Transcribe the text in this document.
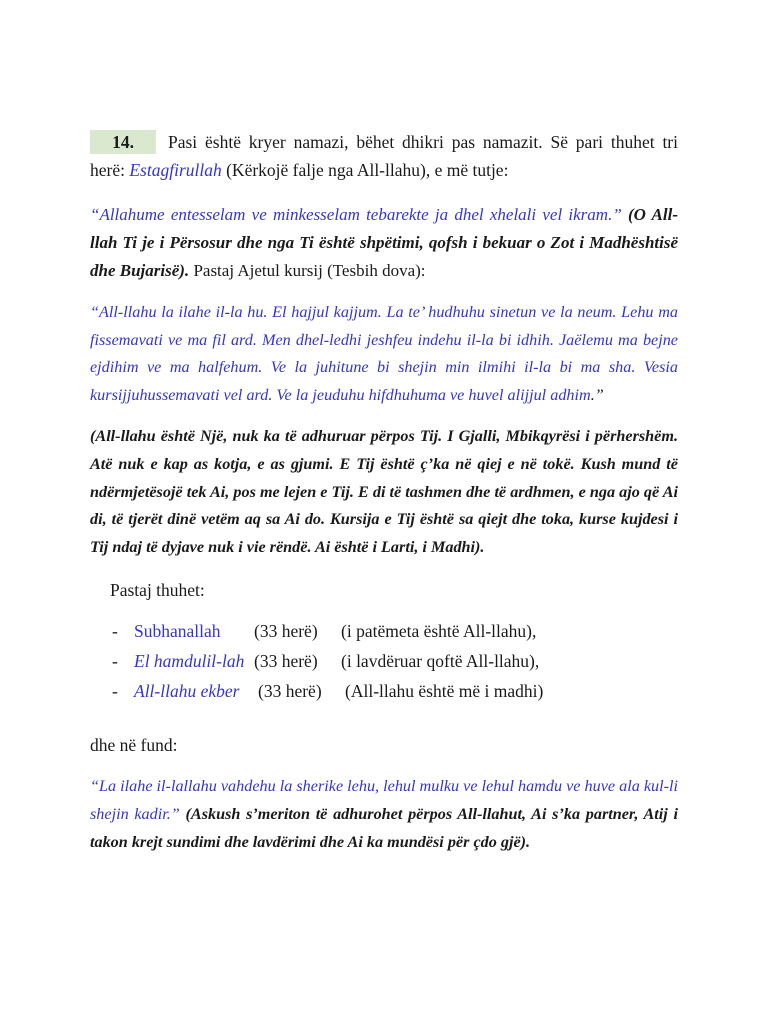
14. Pasi është kryer namazi, bëhet dhikri pas namazit. Së pari thuhet tri herë: Estagfirullah (Kërkojë falje nga All-llahu), e më tutje:

“Allahume entesselam ve minkesselam tebarekte ja dhel xhelali vel ikram.” (O All-llah Ti je i Përsosur dhe nga Ti është shpëtimi, qofsh i bekuar o Zot i Madhështisë dhe Bujarisë). Pastaj Ajetul kursij (Tesbih dova):

“All-llahu la ilahe il-la hu. El hajjul kajjum. La te’ hudhuhu sinetun ve la neum. Lehu ma fissemavati ve ma fil ard. Men dhel-ledhi jeshfeu indehu il-la bi idhih. Jaëlemu ma bejne ejdihim ve ma halfehum. Ve la juhitune bi shejin min ilmihi il-la bi ma sha. Vesia kursijjuhussemavati vel ard. Ve la jeuduhu hifdhuhuma ve huvel alijjul adhim.”

(All-llahu është Një, nuk ka të adhuruar përpos Tij. I Gjalli, Mbikqyrësi i përhershëm. Atë nuk e kap as kotja, e as gjumi. E Tij është ç’ka në qiej e në tokë. Kush mund të ndërmjetësojë tek Ai, pos me lejen e Tij. E di të tashmen dhe të ardhmen, e nga ajo që Ai di, të tjerët dinë vetëm aq sa Ai do. Kursija e Tij është sa qiejt dhe toka, kurse kujdesi i Tij ndaj të dyjave nuk i vie rëndë. Ai është i Larti, i Madhi).

Pastaj thuhet:

- Subhanallah	(33 herë)	(i patëmeta është All-llahu),
- El hamdulil-lah (33 herë)	(i lavdëruar qoftë All-llahu),
- All-llahu ekber	(33 herë)	(All-llahu është më i madhi)

dhe në fund:

“La ilahe il-lallahu vahdehu la sherike lehu, lehul mulku ve lehul hamdu ve huve ala kul-li shejin kadir.” (Askush s’meriton të adhurohet përpos All-llahut, Ai s’ka partner, Atij i takon krejt sundimi dhe lavdërimi dhe Ai ka mundësi për çdo gjë).
